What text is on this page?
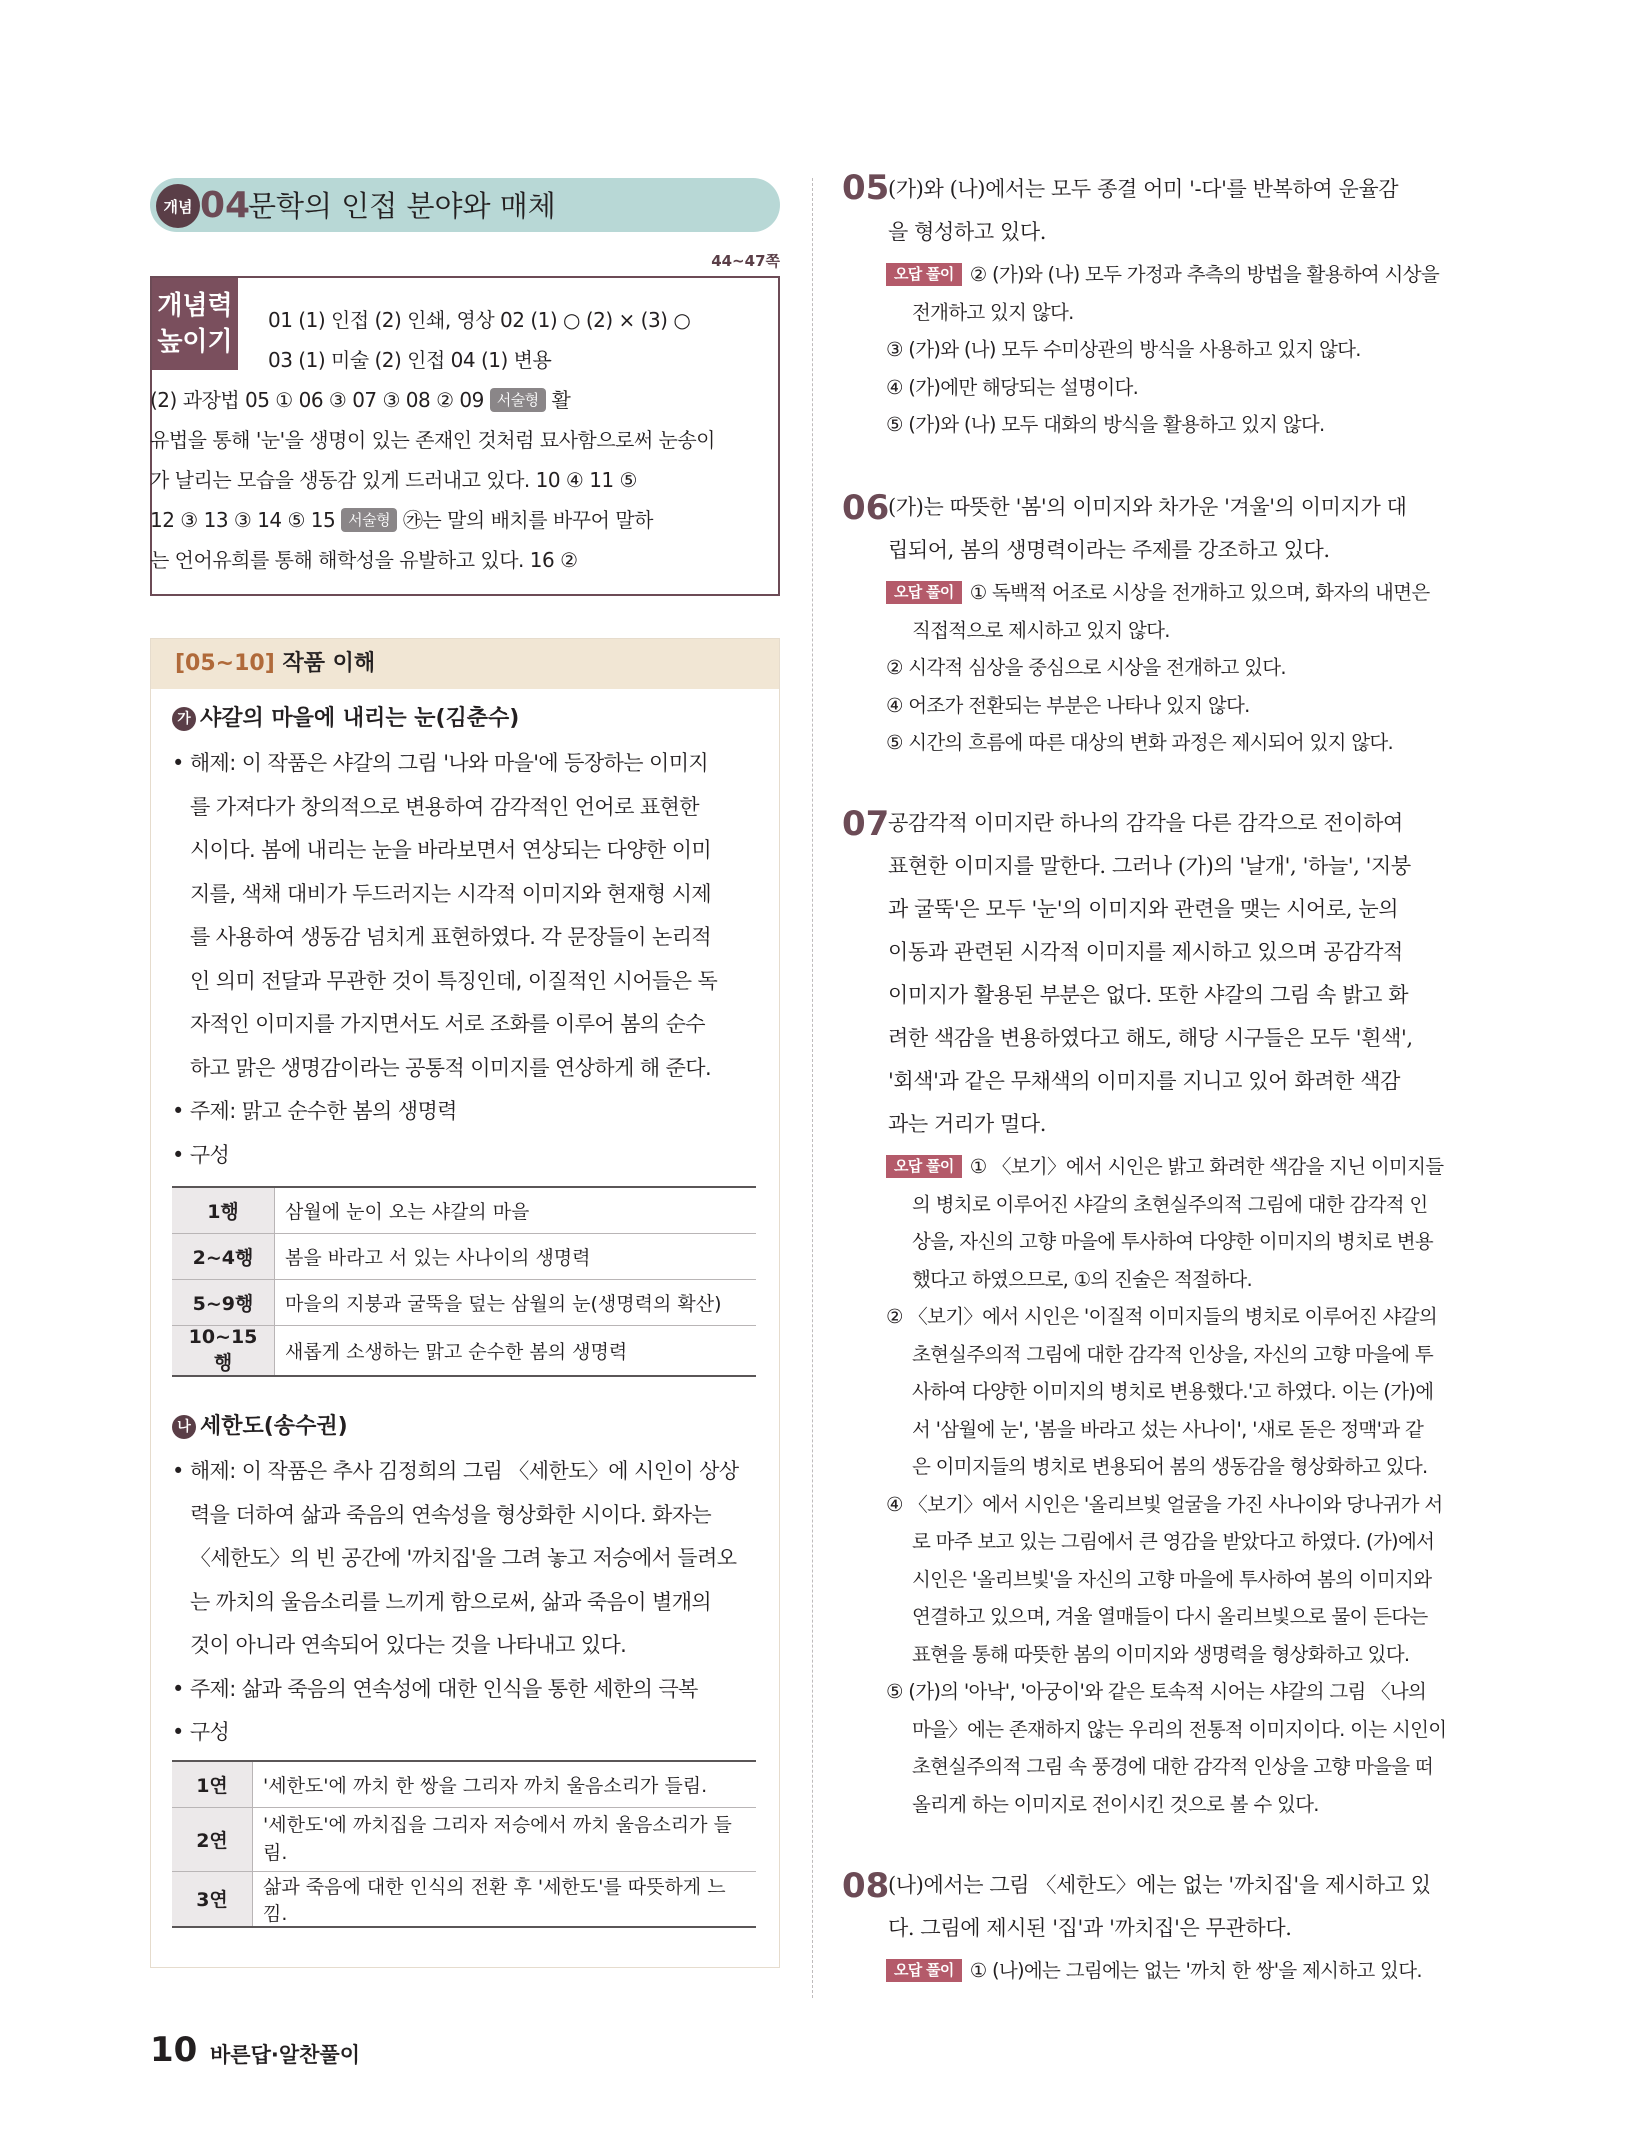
개념 04
문학의 인접 분야와 매체
44~47쪽
개념력
높이기
01 (1) 인접 (2) 인쇄, 영상 02 (1) ○ (2) × (3) ○
03 (1) 미술 (2) 인접 04 (1) 변용
(2) 과장법 05 ① 06 ③ 07 ③ 08 ② 09 서술형 활
유법을 통해 '눈'을 생명이 있는 존재인 것처럼 묘사함으로써 눈송이
가 날리는 모습을 생동감 있게 드러내고 있다. 10 ④ 11 ⑤
12 ③ 13 ③ 14 ⑤ 15 서술형 ㉮는 말의 배치를 바꾸어 말하
는 언어유희를 통해 해학성을 유발하고 있다. 16 ②
[05~10] 작품 이해
가 샤갈의 마을에 내리는 눈(김춘수)
• 해제: 이 작품은 샤갈의 그림 '나와 마을'에 등장하는 이미지
를 가져다가 창의적으로 변용하여 감각적인 언어로 표현한
시이다. 봄에 내리는 눈을 바라보면서 연상되는 다양한 이미
지를, 색채 대비가 두드러지는 시각적 이미지와 현재형 시제
를 사용하여 생동감 넘치게 표현하였다. 각 문장들이 논리적
인 의미 전달과 무관한 것이 특징인데, 이질적인 시어들은 독
자적인 이미지를 가지면서도 서로 조화를 이루어 봄의 순수
하고 맑은 생명감이라는 공통적 이미지를 연상하게 해 준다.
• 주제: 맑고 순수한 봄의 생명력
• 구성
1행	삼월에 눈이 오는 샤갈의 마을
2~4행	봄을 바라고 서 있는 사나이의 생명력
5~9행	마을의 지붕과 굴뚝을 덮는 삼월의 눈(생명력의 확산)
10~15행	새롭게 소생하는 맑고 순수한 봄의 생명력
나 세한도(송수권)
• 해제: 이 작품은 추사 김정희의 그림 〈세한도〉에 시인이 상상
력을 더하여 삶과 죽음의 연속성을 형상화한 시이다. 화자는
〈세한도〉의 빈 공간에 '까치집'을 그려 놓고 저승에서 들려오
는 까치의 울음소리를 느끼게 함으로써, 삶과 죽음이 별개의
것이 아니라 연속되어 있다는 것을 나타내고 있다.
• 주제: 삶과 죽음의 연속성에 대한 인식을 통한 세한의 극복
• 구성
1연	'세한도'에 까치 한 쌍을 그리자 까치 울음소리가 들림.
2연	'세한도'에 까치집을 그리자 저승에서 까치 울음소리가 들림.
3연	삶과 죽음에 대한 인식의 전환 후 '세한도'를 따뜻하게 느낌.
05
(가)와 (나)에서는 모두 종결 어미 '-다'를 반복하여 운율감
을 형성하고 있다.
오답 풀이 ② (가)와 (나) 모두 가정과 추측의 방법을 활용하여 시상을
전개하고 있지 않다.
③ (가)와 (나) 모두 수미상관의 방식을 사용하고 있지 않다.
④ (가)에만 해당되는 설명이다.
⑤ (가)와 (나) 모두 대화의 방식을 활용하고 있지 않다.
06
(가)는 따뜻한 '봄'의 이미지와 차가운 '겨울'의 이미지가 대
립되어, 봄의 생명력이라는 주제를 강조하고 있다.
오답 풀이 ① 독백적 어조로 시상을 전개하고 있으며, 화자의 내면은
직접적으로 제시하고 있지 않다.
② 시각적 심상을 중심으로 시상을 전개하고 있다.
④ 어조가 전환되는 부분은 나타나 있지 않다.
⑤ 시간의 흐름에 따른 대상의 변화 과정은 제시되어 있지 않다.
07
공감각적 이미지란 하나의 감각을 다른 감각으로 전이하여
표현한 이미지를 말한다. 그러나 (가)의 '날개', '하늘', '지붕
과 굴뚝'은 모두 '눈'의 이미지와 관련을 맺는 시어로, 눈의
이동과 관련된 시각적 이미지를 제시하고 있으며 공감각적
이미지가 활용된 부분은 없다. 또한 샤갈의 그림 속 밝고 화
려한 색감을 변용하였다고 해도, 해당 시구들은 모두 '흰색',
'회색'과 같은 무채색의 이미지를 지니고 있어 화려한 색감
과는 거리가 멀다.
오답 풀이 ① 〈보기〉에서 시인은 밝고 화려한 색감을 지닌 이미지들
의 병치로 이루어진 샤갈의 초현실주의적 그림에 대한 감각적 인
상을, 자신의 고향 마을에 투사하여 다양한 이미지의 병치로 변용
했다고 하였으므로, ①의 진술은 적절하다.
② 〈보기〉에서 시인은 '이질적 이미지들의 병치로 이루어진 샤갈의
초현실주의적 그림에 대한 감각적 인상을, 자신의 고향 마을에 투
사하여 다양한 이미지의 병치로 변용했다.'고 하였다. 이는 (가)에
서 '삼월에 눈', '봄을 바라고 섰는 사나이', '새로 돋은 정맥'과 같
은 이미지들의 병치로 변용되어 봄의 생동감을 형상화하고 있다.
④ 〈보기〉에서 시인은 '올리브빛 얼굴을 가진 사나이와 당나귀가 서
로 마주 보고 있는 그림에서 큰 영감을 받았다고 하였다. (가)에서
시인은 '올리브빛'을 자신의 고향 마을에 투사하여 봄의 이미지와
연결하고 있으며, 겨울 열매들이 다시 올리브빛으로 물이 든다는
표현을 통해 따뜻한 봄의 이미지와 생명력을 형상화하고 있다.
⑤ (가)의 '아낙', '아궁이'와 같은 토속적 시어는 샤갈의 그림 〈나의
마을〉에는 존재하지 않는 우리의 전통적 이미지이다. 이는 시인이
초현실주의적 그림 속 풍경에 대한 감각적 인상을 고향 마을을 떠
올리게 하는 이미지로 전이시킨 것으로 볼 수 있다.
08
(나)에서는 그림 〈세한도〉에는 없는 '까치집'을 제시하고 있
다. 그림에 제시된 '집'과 '까치집'은 무관하다.
오답 풀이 ① (나)에는 그림에는 없는 '까치 한 쌍'을 제시하고 있다.
10 바른답·알찬풀이
